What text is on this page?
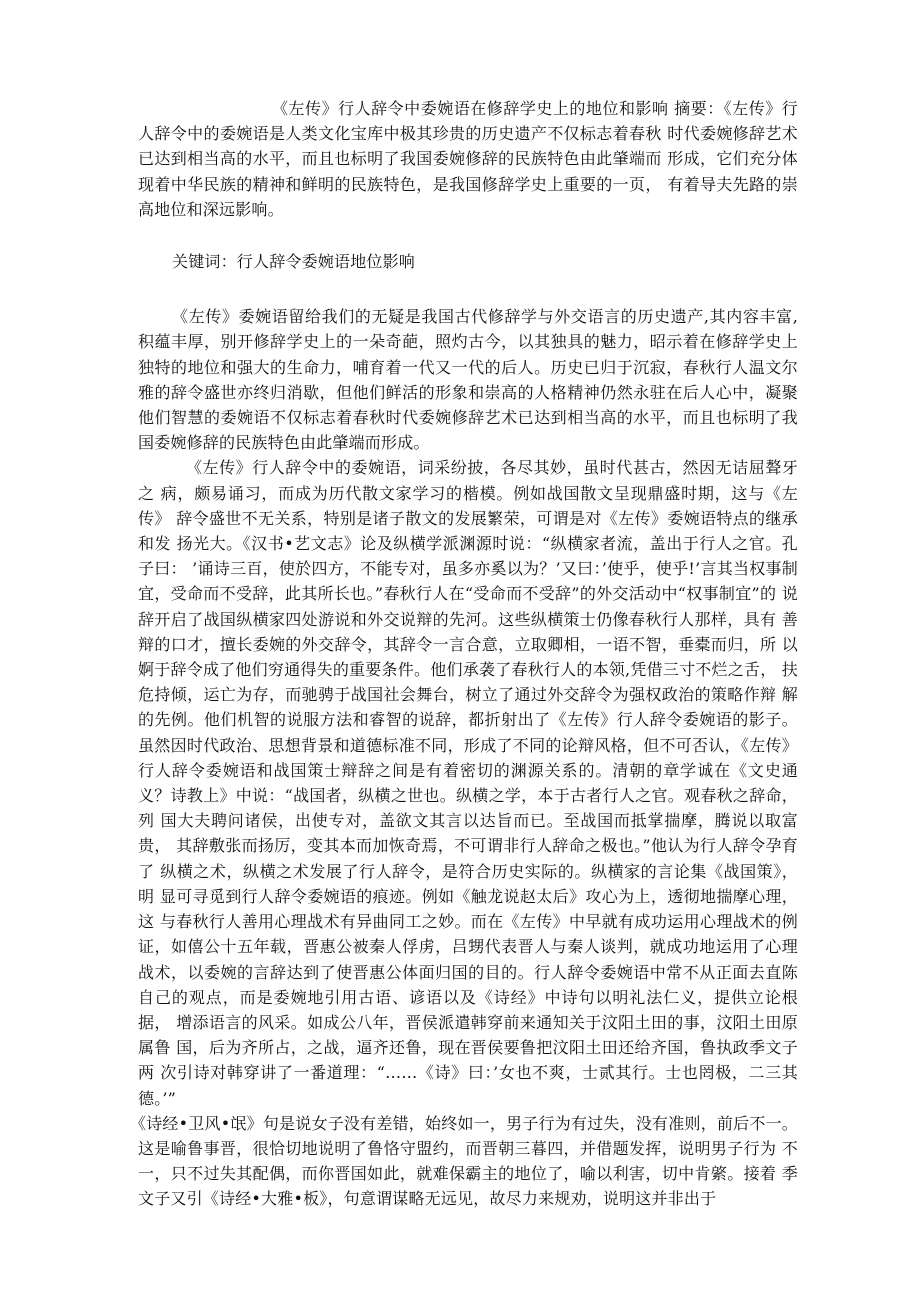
《左传》行人辞令中委婉语在修辞学史上的地位和影响 摘要：《左传》行人辞令中的委婉语是人类文化宝库中极其珍贵的历史遗产不仅标志着春秋 时代委婉修辞艺术已达到相当高的水平，而且也标明了我国委婉修辞的民族特色由此肇端而 形成，它们充分体现着中华民族的精神和鲜明的民族特色，是我国修辞学史上重要的一页， 有着导夫先路的崇高地位和深远影响。

关键词：行人辞令委婉语地位影响

《左传》委婉语留给我们的无疑是我国古代修辞学与外交语言的历史遗产,其内容丰富,积蕴丰厚，别开修辞学史上的一朵奇葩，照灼古今，以其独具的魅力，昭示着在修辞学史上独特的地位和强大的生命力，哺育着一代又一代的后人。历史已归于沉寂，春秋行人温文尔雅的辞令盛世亦终归消歇，但他们鲜活的形象和崇高的人格精神仍然永驻在后人心中，凝聚他们智慧的委婉语不仅标志着春秋时代委婉修辞艺术已达到相当高的水平，而且也标明了我国委婉修辞的民族特色由此肇端而形成。

《左传》行人辞令中的委婉语，词采纷披，各尽其妙，虽时代甚古，然因无诘屈聱牙之 病，颇易诵习，而成为历代散文家学习的楷模。例如战国散文呈现鼎盛时期，这与《左传》 辞令盛世不无关系，特别是诸子散文的发展繁荣，可谓是对《左传》委婉语特点的继承和发 扬光大。《汉书•艺文志》论及纵横学派渊源时说：“纵横家者流，盖出于行人之官。孔子曰： ’诵诗三百，使於四方，不能专对，虽多亦奚以为？’又曰：’使乎，使乎!’言其当权事制 宜，受命而不受辞，此其所长也。”春秋行人在“受命而不受辞”的外交活动中“权事制宜”的 说辞开启了战国纵横家四处游说和外交说辩的先河。这些纵横策士仍像春秋行人那样，具有 善辩的口才，擅长委婉的外交辞令，其辞令一言合意，立取卿相，一语不智，垂橐而归，所 以婀于辞令成了他们穷通得失的重要条件。他们承袭了春秋行人的本领,凭借三寸不烂之舌， 扶危持倾，运亡为存，而驰骋于战国社会舞台，树立了通过外交辞令为强权政治的策略作辩 解的先例。他们机智的说服方法和睿智的说辞，都折射出了《左传》行人辞令委婉语的影子。 虽然因时代政治、思想背景和道德标准不同，形成了不同的论辩风格，但不可否认，《左传》 行人辞令委婉语和战国策士辩辞之间是有着密切的渊源关系的。清朝的章学诚在《文史通义？诗教上》中说：“战国者，纵横之世也。纵横之学，本于古者行人之官。观春秋之辞命，列 国大夫聘问诸侯，出使专对，盖欲文其言以达旨而已。至战国而抵掌揣摩，腾说以取富贵， 其辞敷张而扬厉，变其本而加恢奇焉，不可谓非行人辞命之极也。”他认为行人辞令孕育了 纵横之术，纵横之术发展了行人辞令，是符合历史实际的。纵横家的言论集《战国策》，明 显可寻觅到行人辞令委婉语的痕迹。例如《触龙说赵太后》攻心为上，透彻地揣摩心理，这 与春秋行人善用心理战术有异曲同工之妙。而在《左传》中早就有成功运用心理战术的例 证，如僖公十五年载，晋惠公被秦人俘虏，吕甥代表晋人与秦人谈判，就成功地运用了心理 战术，以委婉的言辞达到了使晋惠公体面归国的目的。行人辞令委婉语中常不从正面去直陈 自己的观点，而是委婉地引用古语、谚语以及《诗经》中诗句以明礼法仁义，提供立论根据， 增添语言的风采。如成公八年，晋侯派遣韩穿前来通知关于汶阳土田的事，汶阳土田原属鲁 国，后为齐所占，之战，逼齐还鲁，现在晋侯要鲁把汶阳土田还给齐国，鲁执政季文子两 次引诗对韩穿讲了一番道理：“……《诗》曰：’女也不爽，士贰其行。士也罔极，二三其德。’”

《诗经•卫风•氓》句是说女子没有差错，始终如一，男子行为有过失，没有准则，前后不一。这是喻鲁事晋，很恰切地说明了鲁恪守盟约，而晋朝三暮四，并借题发挥，说明男子行为 不一，只不过失其配偶，而你晋国如此，就难保霸主的地位了，喻以利害，切中肯綮。接着 季文子又引《诗经•大雅•板》，句意谓谋略无远见，故尽力来规劝，说明这并非出于
